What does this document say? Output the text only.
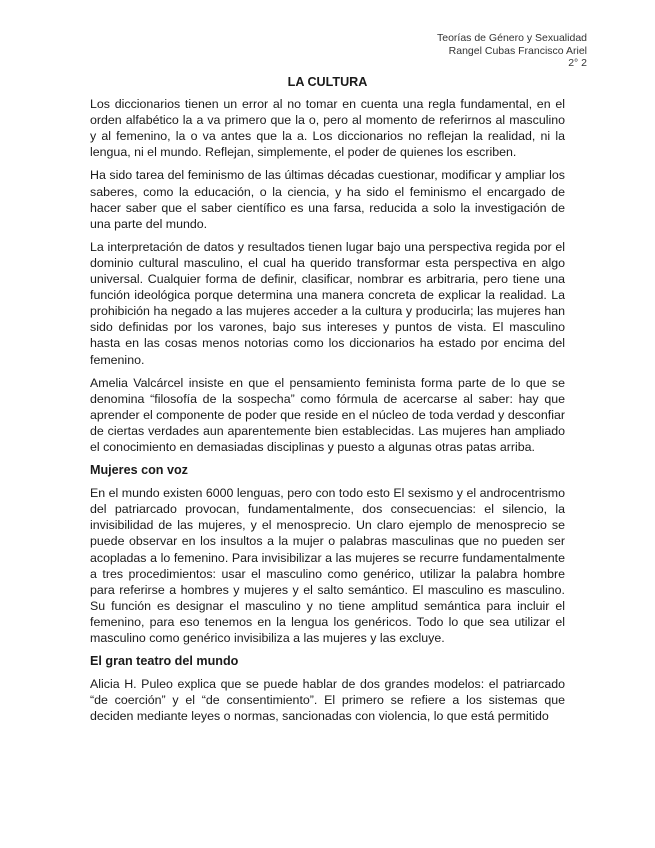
Teorías de Género y Sexualidad
Rangel Cubas Francisco Ariel
2° 2
LA CULTURA

Los diccionarios tienen un error al no tomar en cuenta una regla fundamental, en el orden alfabético la a va primero que la o, pero al momento de referirnos al masculino y al femenino, la o va antes que la a. Los diccionarios no reflejan la realidad, ni la lengua, ni el mundo. Reflejan, simplemente, el poder de quienes los escriben.

Ha sido tarea del feminismo de las últimas décadas cuestionar, modificar y ampliar los saberes, como la educación, o la ciencia, y ha sido el feminismo el encargado de hacer saber que el saber científico es una farsa, reducida a solo la investigación de una parte del mundo.

La interpretación de datos y resultados tienen lugar bajo una perspectiva regida por el dominio cultural masculino, el cual ha querido transformar esta perspectiva en algo universal. Cualquier forma de definir, clasificar, nombrar es arbitraria, pero tiene una función ideológica porque determina una manera concreta de explicar la realidad. La prohibición ha negado a las mujeres acceder a la cultura y producirla; las mujeres han sido definidas por los varones, bajo sus intereses y puntos de vista. El masculino hasta en las cosas menos notorias como los diccionarios ha estado por encima del femenino.

Amelia Valcárcel insiste en que el pensamiento feminista forma parte de lo que se denomina “filosofía de la sospecha” como fórmula de acercarse al saber: hay que aprender el componente de poder que reside en el núcleo de toda verdad y desconfiar de ciertas verdades aun aparentemente bien establecidas. Las mujeres han ampliado el conocimiento en demasiadas disciplinas y puesto a algunas otras patas arriba.

Mujeres con voz

En el mundo existen 6000 lenguas, pero con todo esto El sexismo y el androcentrismo del patriarcado provocan, fundamentalmente, dos consecuencias: el silencio, la invisibilidad de las mujeres, y el menosprecio. Un claro ejemplo de menosprecio se puede observar en los insultos a la mujer o palabras masculinas que no pueden ser acopladas a lo femenino. Para invisibilizar a las mujeres se recurre fundamentalmente a tres procedimientos: usar el masculino como genérico, utilizar la palabra hombre para referirse a hombres y mujeres y el salto semántico. El masculino es masculino. Su función es designar el masculino y no tiene amplitud semántica para incluir el femenino, para eso tenemos en la lengua los genéricos. Todo lo que sea utilizar el masculino como genérico invisibiliza a las mujeres y las excluye.

El gran teatro del mundo

Alicia H. Puleo explica que se puede hablar de dos grandes modelos: el patriarcado “de coerción” y el “de consentimiento”. El primero se refiere a los sistemas que deciden mediante leyes o normas, sancionadas con violencia, lo que está permitido
